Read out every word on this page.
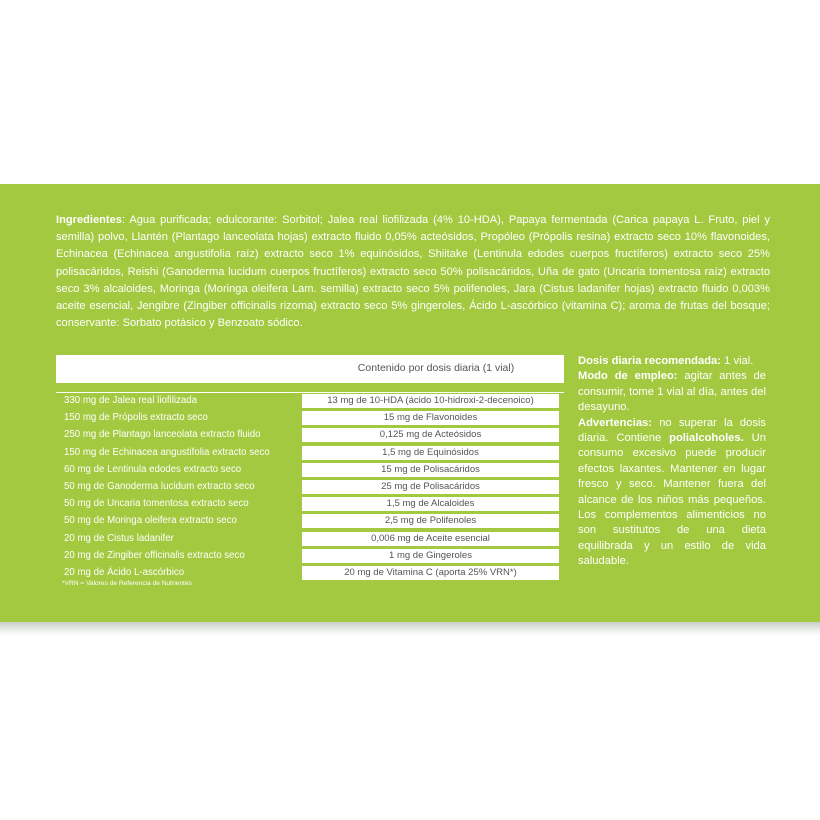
Ingredientes: Agua purificada; edulcorante: Sorbitol; Jalea real liofilizada (4% 10-HDA), Papaya fermentada (Carica papaya L. Fruto, piel y semilla) polvo, Llantén (Plantago lanceolata hojas) extracto fluido 0,05% acteósidos, Propóleo (Própolis resina) extracto seco 10% flavonoides, Echinacea (Echinacea angustifolia raíz) extracto seco 1% equinósidos, Shiitake (Lentinula edodes cuerpos fructíferos) extracto seco 25% polisacáridos, Reishi (Ganoderma lucidum cuerpos fructíferos) extracto seco 50% polisacáridos, Uña de gato (Uncaria tomentosa raíz) extracto seco 3% alcaloides, Moringa (Moringa oleifera Lam. semilla) extracto seco 5% polifenoles, Jara (Cistus ladanifer hojas) extracto fluido 0,003% aceite esencial, Jengibre (Zingiber officinalis rizoma) extracto seco 5% gingeroles, Ácido L-ascórbico (vitamina C); aroma de frutas del bosque; conservante: Sorbato potásico y Benzoato sódico.

Contenido por dosis diaria (1 vial)
330 mg de Jalea real liofilizada	13 mg de 10-HDA (ácido 10-hidroxi-2-decenoico)
150 mg de Própolis extracto seco	15 mg de Flavonoides
250 mg de Plantago lanceolata extracto fluido	0,125 mg de Acteósidos
150 mg de Echinacea angustifolia extracto seco	1,5 mg de Equinósidos
60 mg de Lentinula edodes extracto seco	15 mg de Polisacáridos
50 mg de Ganoderma lucidum extracto seco	25 mg de Polisacáridos
50 mg de Uncaria tomentosa extracto seco	1,5 mg de Alcaloides
50 mg de Moringa oleifera extracto seco	2,5 mg de Polifenoles
20 mg de Cistus ladanifer	0,006 mg de Aceite esencial
20 mg de Zingiber officinalis extracto seco	1 mg de Gingeroles
20 mg de Ácido L-ascórbico	20 mg de Vitamina C (aporta 25% VRN*)
*VRN = Valores de Referencia de Nutrientes
Dosis diaria recomendada: 1 vial.
Modo de empleo: agitar antes de consumir, tome 1 vial al día, antes del desayuno.
Advertencias: no superar la dosis diaria. Contiene polialcoholes. Un consumo excesivo puede producir efectos laxantes. Mantener en lugar fresco y seco. Mantener fuera del alcance de los niños más pequeños. Los complementos alimenticios no son sustitutos de una dieta equilibrada y un estilo de vida saludable.
